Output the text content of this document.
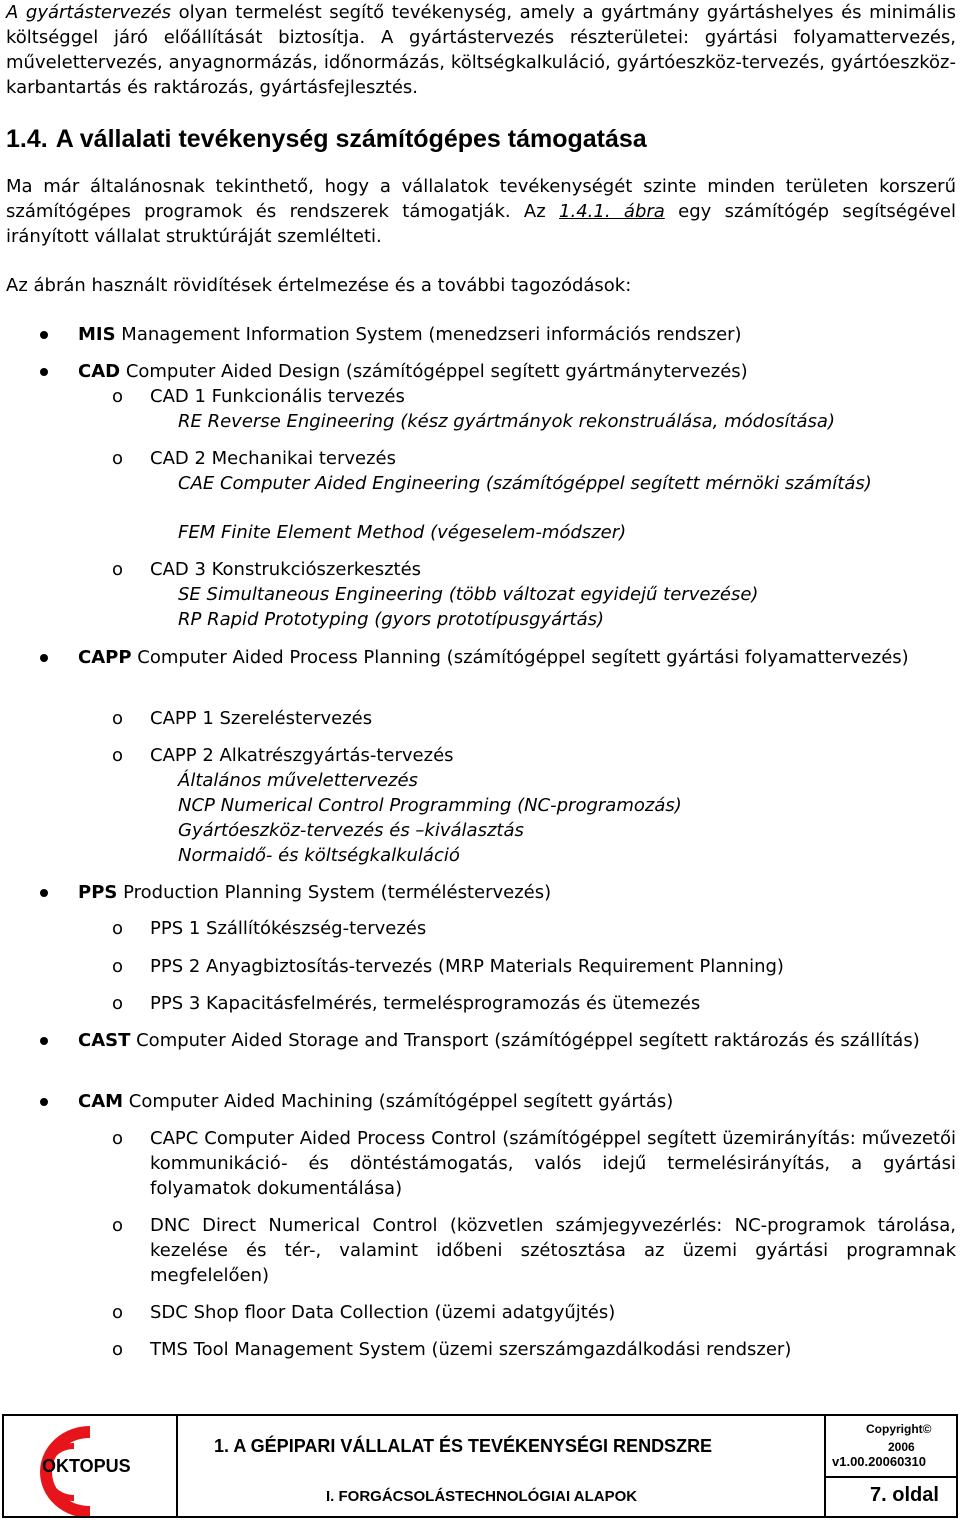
A gyártástervezés olyan termelést segítő tevékenység, amely a gyártmány gyártáshelyes és minimális költséggel járó előállítását biztosítja. A gyártástervezés részterületei: gyártási folyamattervezés, művelettervezés, anyagnormázás, időnormázás, költségkalkuláció, gyártóeszköz-tervezés, gyártóeszköz-karbantartás és raktározás, gyártásfejlesztés.
1.4. A vállalati tevékenység számítógépes támogatása
Ma már általánosnak tekinthető, hogy a vállalatok tevékenységét szinte minden területen korszerű számítógépes programok és rendszerek támogatják. Az 1.4.1. ábra egy számítógép segítségével irányított vállalat struktúráját szemlélteti.
Az ábrán használt rövidítések értelmezése és a további tagozódások:
MIS Management Information System (menedzseri információs rendszer)
CAD Computer Aided Design (számítógéppel segített gyártmánytervezés)
o CAD 1 Funkcionális tervezés
RE Reverse Engineering (kész gyártmányok rekonstruálása, módosítása)
o CAD 2 Mechanikai tervezés
CAE Computer Aided Engineering (számítógéppel segített mérnöki számítás)
FEM Finite Element Method (végeselem-módszer)
o CAD 3 Konstrukciószerkesztés
SE Simultaneous Engineering (több változat egyidejű tervezése)
RP Rapid Prototyping (gyors prototípusgyártás)
CAPP Computer Aided Process Planning (számítógéppel segített gyártási folyamattervezés)
o CAPP 1 Szereléstervezés
o CAPP 2 Alkatrészgyártás-tervezés
Általános művelettervezés
NCP Numerical Control Programming (NC-programozás)
Gyártóeszköz-tervezés és –kiválasztás
Normaidő- és költségkalkuláció
PPS Production Planning System (terméléstervezés)
o PPS 1 Szállítókészség-tervezés
o PPS 2 Anyagbiztosítás-tervezés (MRP Materials Requirement Planning)
o PPS 3 Kapacitásfelmérés, termelésprogramozás és ütemezés
CAST Computer Aided Storage and Transport (számítógéppel segített raktározás és szállítás)
CAM Computer Aided Machining (számítógéppel segített gyártás)
o CAPC Computer Aided Process Control (számítógéppel segített üzemirányítás: művezetői kommunikáció- és döntéstámogatás, valós idejű termelésirányítás, a gyártási folyamatok dokumentálása)
o DNC Direct Numerical Control (közvetlen számjegyvezérlés: NC-programok tárolása, kezelése és tér-, valamint időbeni szétosztása az üzemi gyártási programnak megfelelően)
o SDC Shop floor Data Collection (üzemi adatgyűjtés)
o TMS Tool Management System (üzemi szerszámgazdálkodási rendszer)
OKTOPUS
1. A GÉPIPARI VÁLLALAT ÉS TEVÉKENYSÉGI RENDSZRE
I. FORGÁCSOLÁSTECHNOLÓGIAI ALAPOK
Copyright©
2006
v1.00.20060310
7. oldal
